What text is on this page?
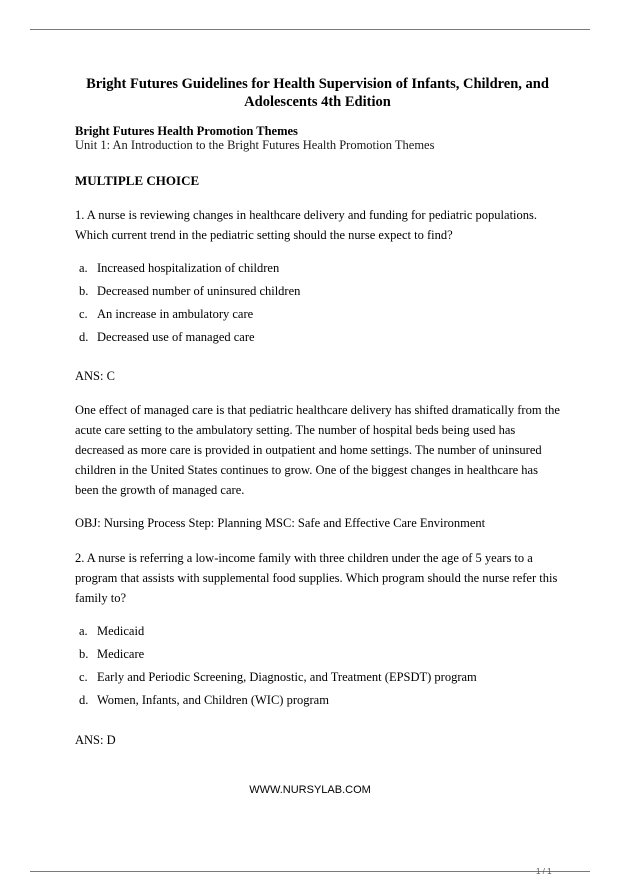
Bright Futures Guidelines for Health Supervision of Infants, Children, and Adolescents 4th Edition
Bright Futures Health Promotion Themes
Unit 1: An Introduction to the Bright Futures Health Promotion Themes
MULTIPLE CHOICE
1. A nurse is reviewing changes in healthcare delivery and funding for pediatric populations. Which current trend in the pediatric setting should the nurse expect to find?
a. Increased hospitalization of children
b. Decreased number of uninsured children
c. An increase in ambulatory care
d. Decreased use of managed care
ANS: C
One effect of managed care is that pediatric healthcare delivery has shifted dramatically from the acute care setting to the ambulatory setting. The number of hospital beds being used has decreased as more care is provided in outpatient and home settings. The number of uninsured children in the United States continues to grow. One of the biggest changes in healthcare has been the growth of managed care.
OBJ: Nursing Process Step: Planning MSC: Safe and Effective Care Environment
2. A nurse is referring a low-income family with three children under the age of 5 years to a program that assists with supplemental food supplies. Which program should the nurse refer this family to?
a. Medicaid
b. Medicare
c. Early and Periodic Screening, Diagnostic, and Treatment (EPSDT) program
d. Women, Infants, and Children (WIC) program
ANS: D
WWW.NURSYLAB.COM
1 / 1
